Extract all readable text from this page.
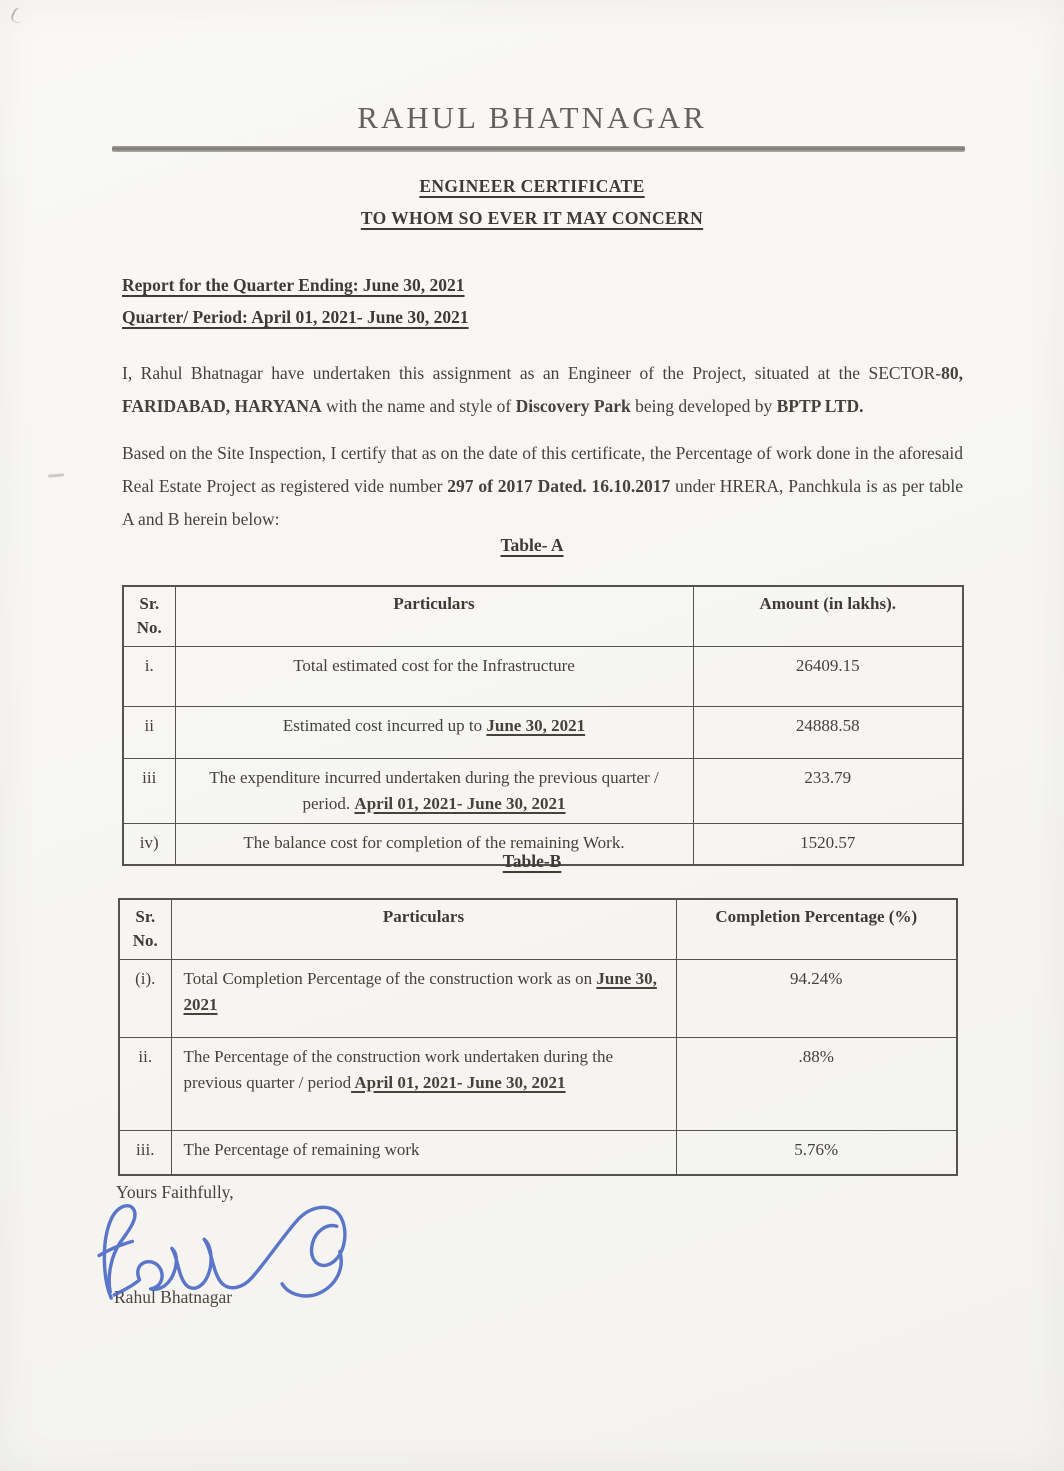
RAHUL BHATNAGAR
ENGINEER CERTIFICATE
TO WHOM SO EVER IT MAY CONCERN
Report for the Quarter Ending: June 30, 2021
Quarter/ Period: April 01, 2021- June 30, 2021

I, Rahul Bhatnagar have undertaken this assignment as an Engineer of the Project, situated at the SECTOR-80, FARIDABAD, HARYANA with the name and style of Discovery Park being developed by BPTP LTD.

Based on the Site Inspection, I certify that as on the date of this certificate, the Percentage of work done in the aforesaid Real Estate Project as registered vide number 297 of 2017 Dated. 16.10.2017 under HRERA, Panchkula is as per table A and B herein below:

Table- A
Sr.
No.	Particulars	Amount (in lakhs).
i.	Total estimated cost for the Infrastructure	26409.15
ii	Estimated cost incurred up to June 30, 2021	24888.58
iii	The expenditure incurred undertaken during the previous quarter / period. April 01, 2021- June 30, 2021	233.79
iv)	The balance cost for completion of the remaining Work.	1520.57
Table-B
Sr.
No.	Particulars	Completion Percentage (%)
(i).	Total Completion Percentage of the construction work as on June 30, 2021	94.24%
ii.	The Percentage of the construction work undertaken during the previous quarter / period April 01, 2021- June 30, 2021	.88%
iii.	The Percentage of remaining work	5.76%
Yours Faithfully,
Rahul Bhatnagar
